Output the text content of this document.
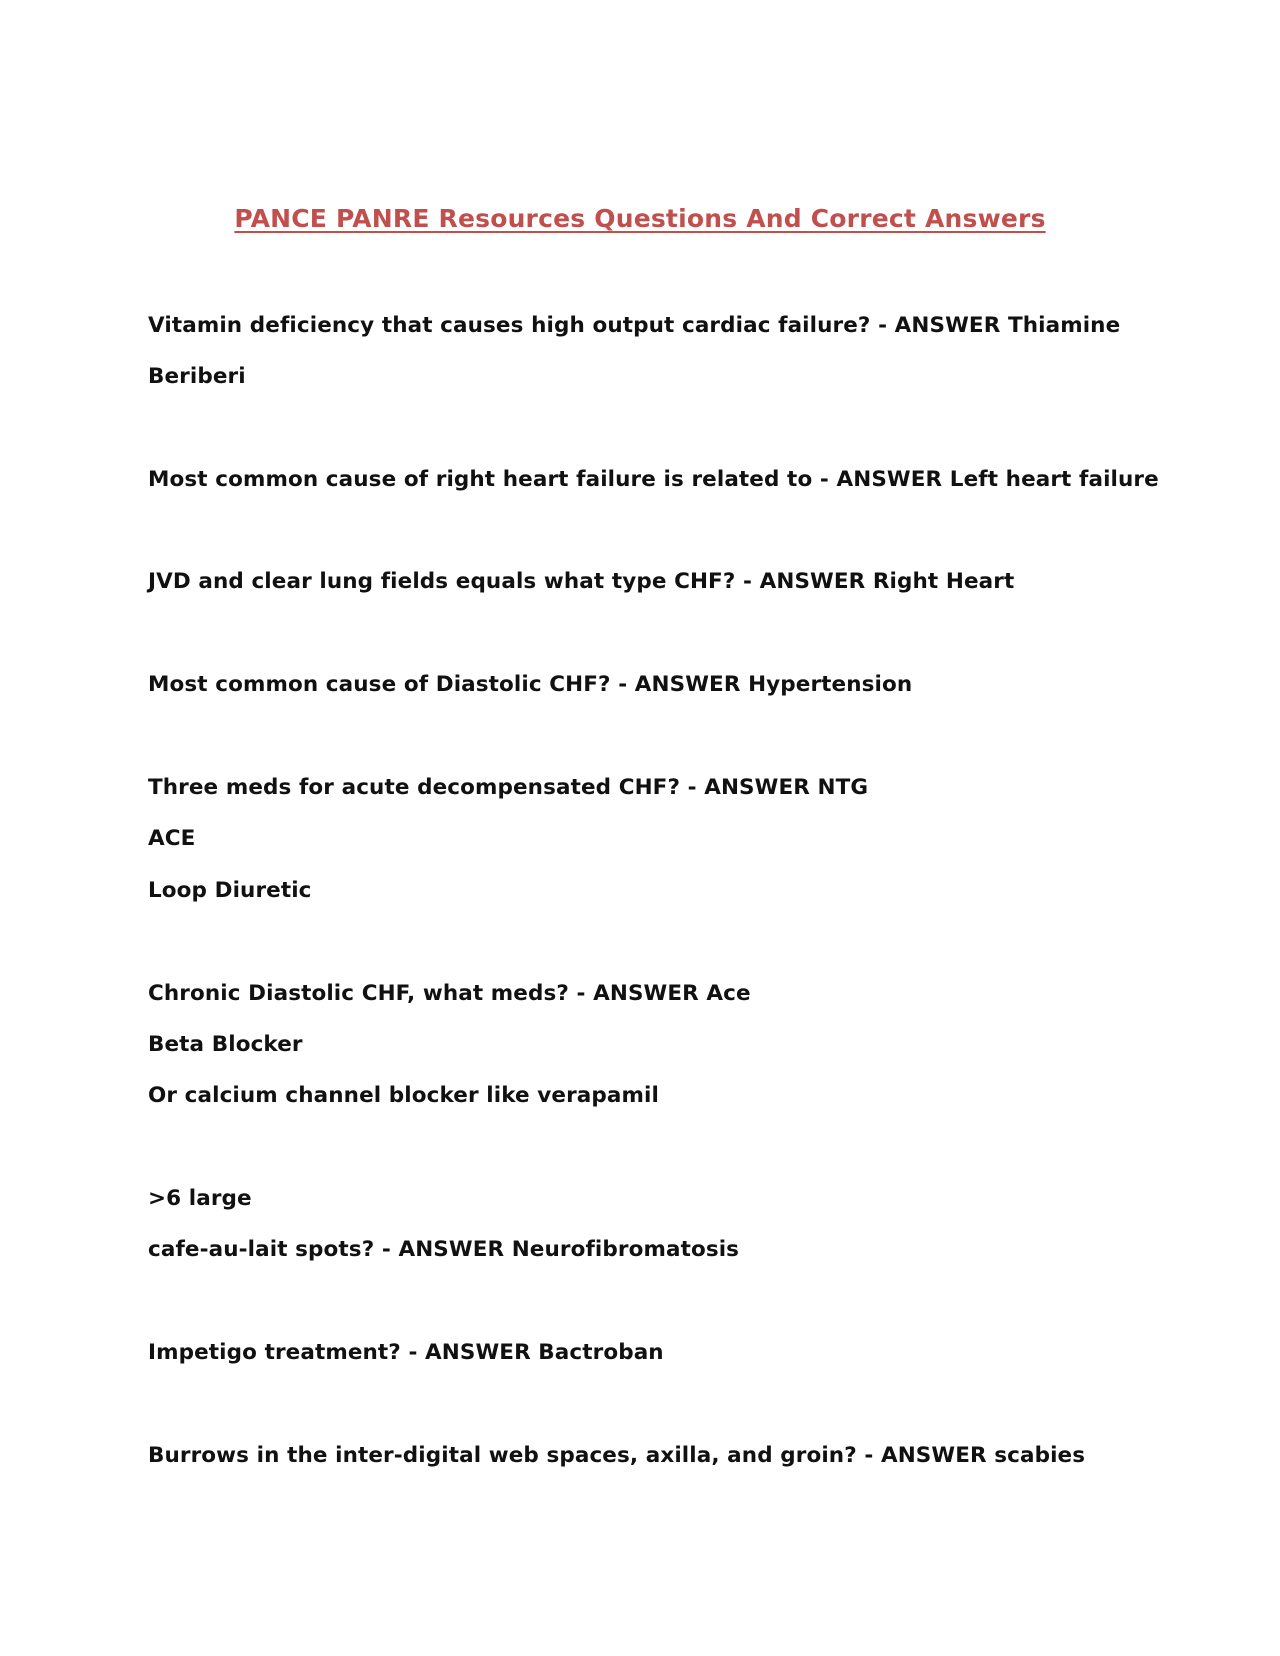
PANCE PANRE Resources Questions And Correct Answers
Vitamin deficiency that causes high output cardiac failure? - ANSWER Thiamine
Beriberi
Most common cause of right heart failure is related to - ANSWER Left heart failure
JVD and clear lung fields equals what type CHF? - ANSWER Right Heart
Most common cause of Diastolic CHF? - ANSWER Hypertension
Three meds for acute decompensated CHF? - ANSWER NTG
ACE
Loop Diuretic
Chronic Diastolic CHF, what meds? - ANSWER Ace
Beta Blocker
Or calcium channel blocker like verapamil
>6 large
cafe-au-lait spots? - ANSWER Neurofibromatosis
Impetigo treatment? - ANSWER Bactroban
Burrows in the inter-digital web spaces, axilla, and groin? - ANSWER scabies
